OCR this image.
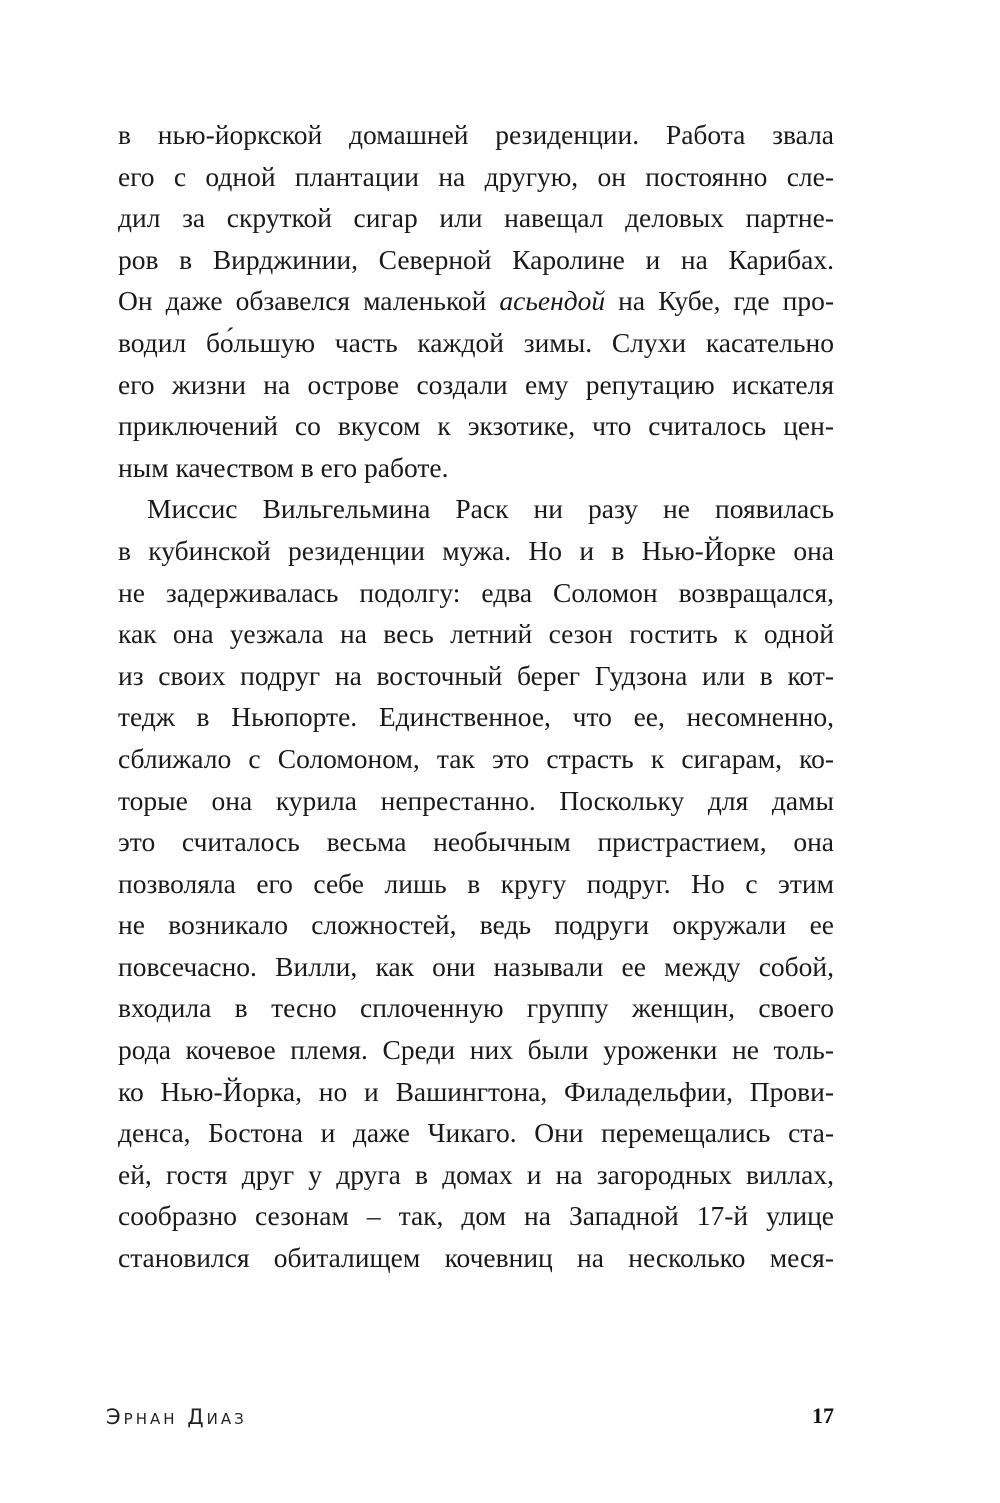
в нью-йоркской домашней резиденции. Работа звала
его с одной плантации на другую, он постоянно сле-
дил за скруткой сигар или навещал деловых партне-
ров в Вирджинии, Северной Каролине и на Карибах.
Он даже обзавелся маленькой асьендой на Кубе, где про-
водил бо́льшую часть каждой зимы. Слухи касательно
его жизни на острове создали ему репутацию искателя
приключений со вкусом к экзотике, что считалось цен-
ным качеством в его работе.
Миссис Вильгельмина Раск ни разу не появилась
в кубинской резиденции мужа. Но и в Нью-Йорке она
не задерживалась подолгу: едва Соломон возвращался,
как она уезжала на весь летний сезон гостить к одной
из своих подруг на восточный берег Гудзона или в кот-
тедж в Ньюпорте. Единственное, что ее, несомненно,
сближало с Соломоном, так это страсть к сигарам, ко-
торые она курила непрестанно. Поскольку для дамы
это считалось весьма необычным пристрастием, она
позволяла его себе лишь в кругу подруг. Но с этим
не возникало сложностей, ведь подруги окружали ее
повсечасно. Вилли, как они называли ее между собой,
входила в тесно сплоченную группу женщин, своего
рода кочевое племя. Среди них были уроженки не толь-
ко Нью-Йорка, но и Вашингтона, Филадельфии, Прови-
денса, Бостона и даже Чикаго. Они перемещались ста-
ей, гостя друг у друга в домах и на загородных виллах,
сообразно сезонам – так, дом на Западной 17-й улице
становился обиталищем кочевниц на несколько меся-
Эрнан Диаз	17
